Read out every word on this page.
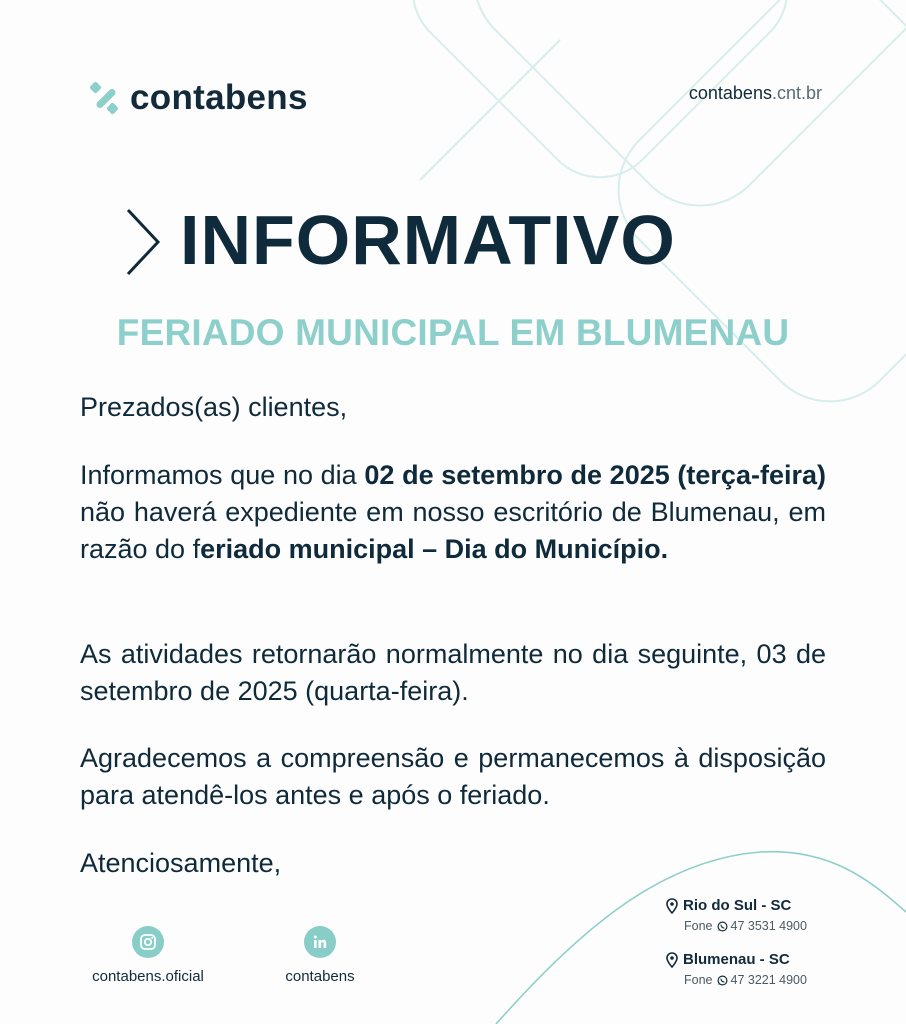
contabens	contabens.cnt.br
INFORMATIVO
FERIADO MUNICIPAL EM BLUMENAU
Prezados(as) clientes,
Informamos que no dia 02 de setembro de 2025 (terça-feira) não haverá expediente em nosso escritório de Blumenau, em razão do feriado municipal – Dia do Município.
As atividades retornarão normalmente no dia seguinte, 03 de setembro de 2025 (quarta-feira).
Agradecemos a compreensão e permanecemos à disposição para atendê-los antes e após o feriado.
Atenciosamente,
contabens.oficial	contabens
Rio do Sul - SC
Fone 47 3531 4900
Blumenau - SC
Fone 47 3221 4900
